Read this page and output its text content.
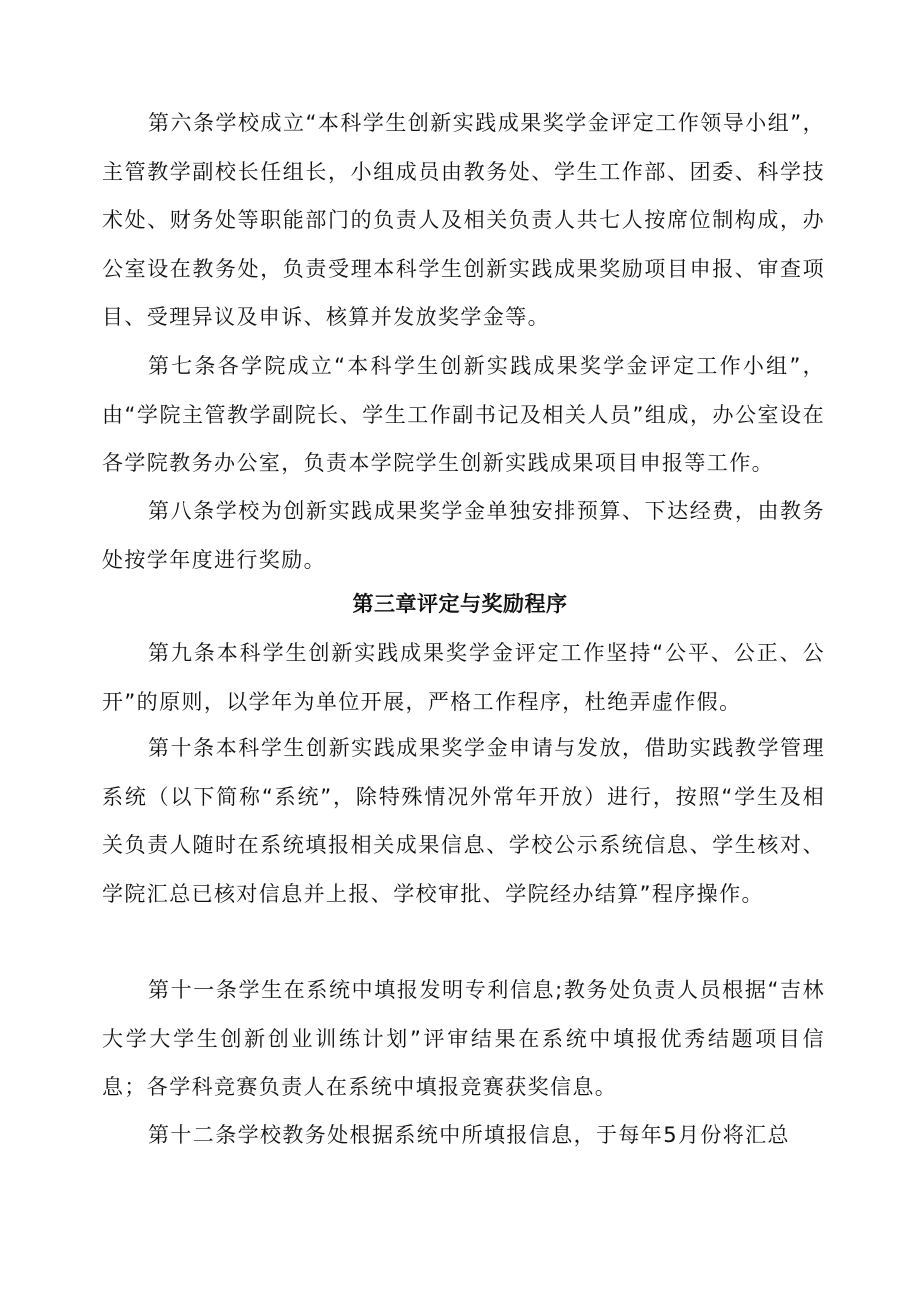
第六条学校成立“本科学生创新实践成果奖学金评定工作领导小组”，主管教学副校长任组长，小组成员由教务处、学生工作部、团委、科学技术处、财务处等职能部门的负责人及相关负责人共七人按席位制构成，办公室设在教务处，负责受理本科学生创新实践成果奖励项目申报、审查项目、受理异议及申诉、核算并发放奖学金等。

第七条各学院成立“本科学生创新实践成果奖学金评定工作小组”，由“学院主管教学副院长、学生工作副书记及相关人员”组成，办公室设在各学院教务办公室，负责本学院学生创新实践成果项目申报等工作。

第八条学校为创新实践成果奖学金单独安排预算、下达经费，由教务处按学年度进行奖励。

第三章评定与奖励程序

第九条本科学生创新实践成果奖学金评定工作坚持“公平、公正、公开”的原则，以学年为单位开展，严格工作程序，杜绝弄虚作假。

第十条本科学生创新实践成果奖学金申请与发放，借助实践教学管理系统（以下简称“系统”，除特殊情况外常年开放）进行，按照“学生及相关负责人随时在系统填报相关成果信息、学校公示系统信息、学生核对、学院汇总已核对信息并上报、学校审批、学院经办结算”程序操作。

第十一条学生在系统中填报发明专利信息;教务处负责人员根据“吉林大学大学生创新创业训练计划”评审结果在系统中填报优秀结题项目信息；各学科竞赛负责人在系统中填报竞赛获奖信息。

第十二条学校教务处根据系统中所填报信息，于每年5月份将汇总
